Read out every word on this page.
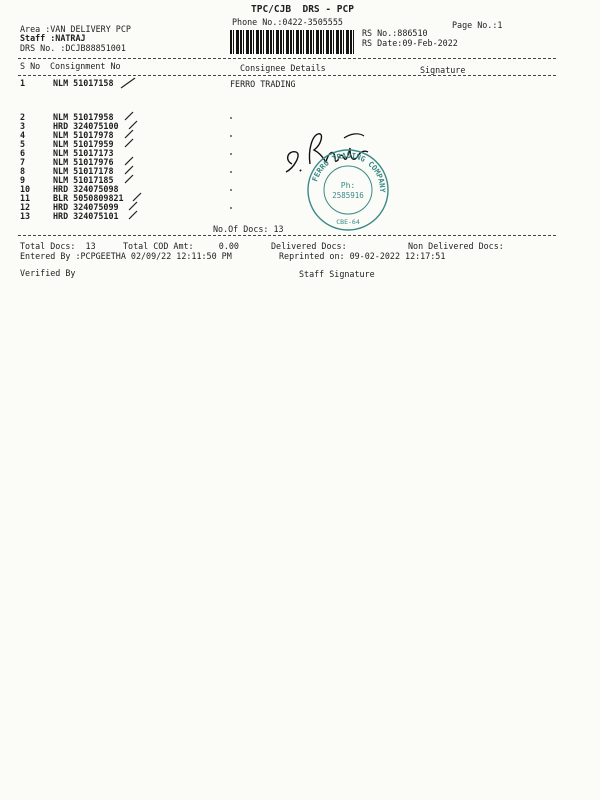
TPC/CJB  DRS - PCP
Phone No.:0422-3505555	Page No.:1
Area :VAN DELIVERY PCP
Staff :NATRAJ
DRS No. :DCJB88851001
RS No.:886510
RS Date:09-Feb-2022
S No Consignment No	Consignee Details	Signature
1	NLM 51017158	FERRO TRADING
2	NLM 51017958
3	HRD 324075100
4	NLM 51017978
5	NLM 51017959
6	NLM 51017173
7	NLM 51017976
8	NLM 51017178
9	NLM 51017185
10	HRD 324075098
11	BLR 5050809821
12	HRD 324075099
13	HRD 324075101
FERRO TRADING COMPANY
Ph:
2585916
CBE-64
No.Of Docs: 13
Total Docs:  13	Total COD Amt:     0.00	Delivered Docs:	Non Delivered Docs:
Entered By :PCPGEETHA 02/09/22 12:11:50 PM	Reprinted on: 09-02-2022 12:17:51
Verified By	Staff Signature
